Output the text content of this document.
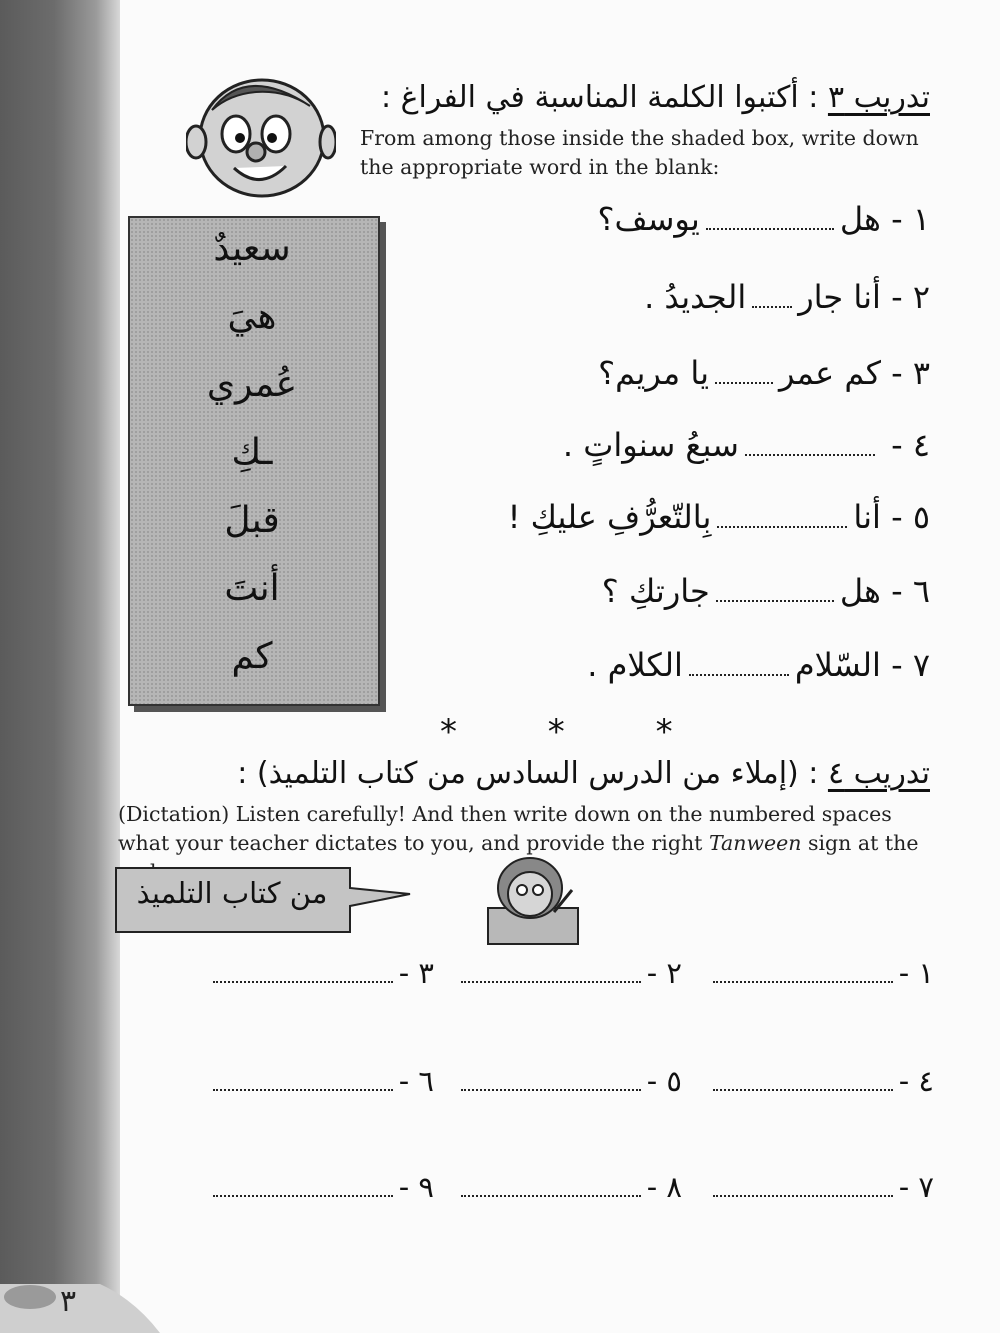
٣
تدريب ٣ : أكتبوا الكلمة المناسبة في الفراغ :
From among those inside the shaded box, write down the appropriate word in the blank:
سعيدٌ
هيَ
عُمري
ـكِ
قبلَ
أنتَ
كم
١ - هليوسف؟
٢ - أنا جارالجديدُ .
٣ - كم عمريا مريم؟
٤ - سبعُ سنواتٍ .
٥ - أنابِالتّعرُّفِ عليكِ !
٦ - هلجارتكِ ؟
٧ - السّلامالكلام .
* * *
تدريب ٤ : (إملاء من الدرس السادس من كتاب التلميذ) :
(Dictation) Listen carefully! And then write down on the numbered spaces what your teacher dictates to you, and provide the right Tanween sign at the
من كتاب التلميذ
١ -
٢ -
٣ -
٤ -
٥ -
٦ -
٧ -
٨ -
٩ -
